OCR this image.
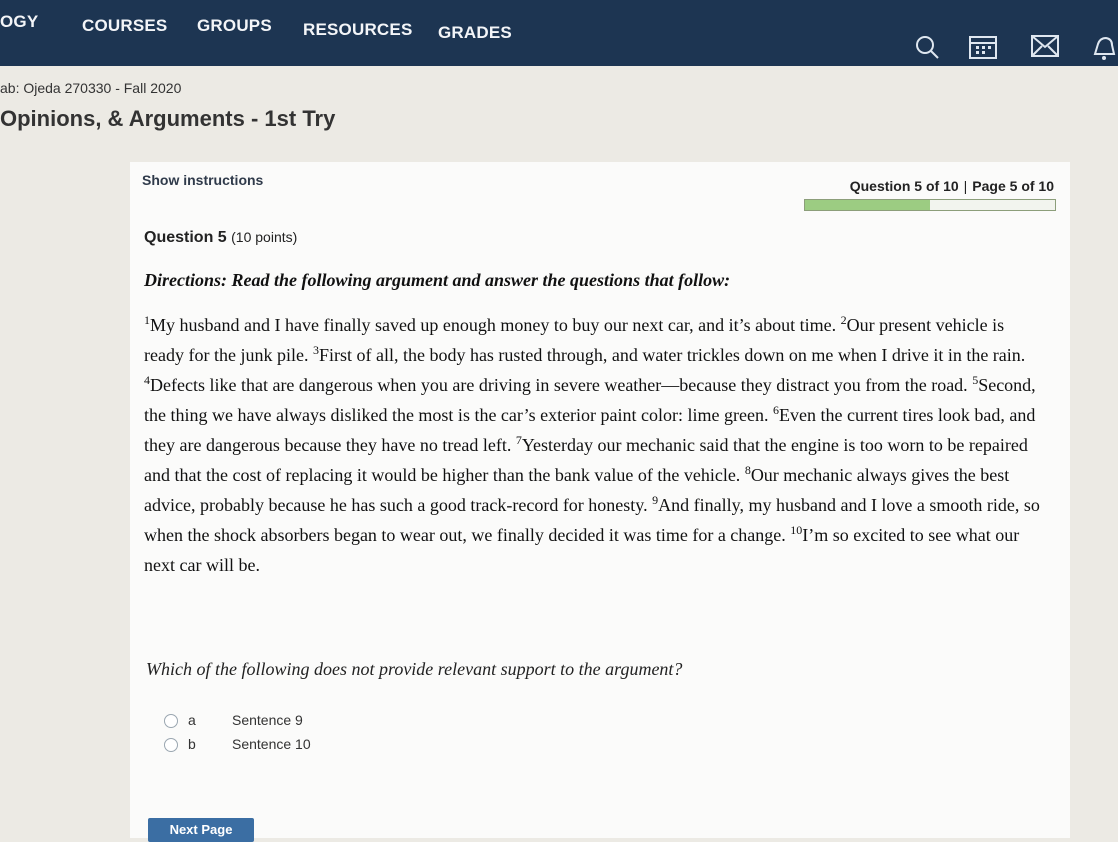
OGY	COURSES GROUPS RESOURCES GRADES
ab: Ojeda 270330 - Fall 2020
Opinions, & Arguments - 1st Try
Show instructions	Question 5 of 10 | Page 5 of 10
Question 5 (10 points)
Directions: Read the following argument and answer the questions that follow:
$^1$My husband and I have finally saved up enough money to buy our next car, and it’s about time. $^2$Our present vehicle is ready for the junk pile. $^3$First of all, the body has rusted through, and water trickles down on me when I drive it in the rain. $^4$Defects like that are dangerous when you are driving in severe weather—because they distract you from the road. $^5$Second, the thing we have always disliked the most is the car’s exterior paint color: lime green. $^6$Even the current tires look bad, and they are dangerous because they have no tread left. $^7$Yesterday our mechanic said that the engine is too worn to be repaired and that the cost of replacing it would be higher than the bank value of the vehicle. $^8$Our mechanic always gives the best advice, probably because he has such a good track-record for honesty. $^9$And finally, my husband and I love a smooth ride, so when the shock absorbers began to wear out, we finally decided it was time for a change. $^{10}$I’m so excited to see what our next car will be.
Which of the following does not provide relevant support to the argument?
a	Sentence 9
b	Sentence 10
Next Page
